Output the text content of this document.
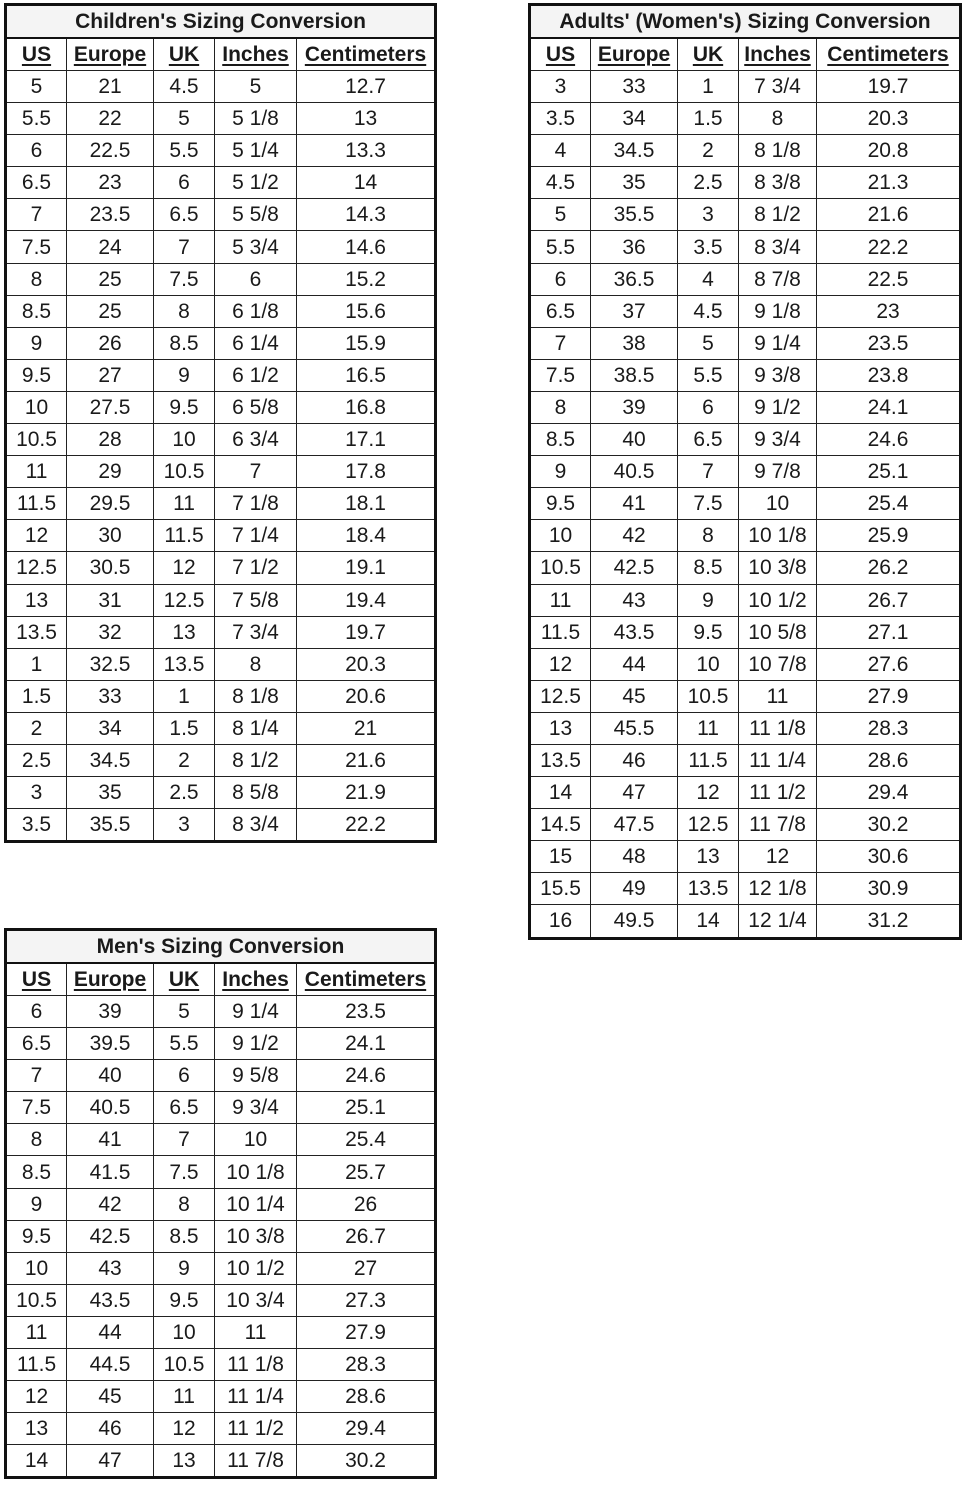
Children's Sizing Conversion				
US	Europe	UK	Inches	Centimeters
5	21	4.5	5	12.7
5.5	22	5	5 1/8	13
6	22.5	5.5	5 1/4	13.3
6.5	23	6	5 1/2	14
7	23.5	6.5	5 5/8	14.3
7.5	24	7	5 3/4	14.6
8	25	7.5	6	15.2
8.5	25	8	6 1/8	15.6
9	26	8.5	6 1/4	15.9
9.5	27	9	6 1/2	16.5
10	27.5	9.5	6 5/8	16.8
10.5	28	10	6 3/4	17.1
11	29	10.5	7	17.8
11.5	29.5	11	7 1/8	18.1
12	30	11.5	7 1/4	18.4
12.5	30.5	12	7 1/2	19.1
13	31	12.5	7 5/8	19.4
13.5	32	13	7 3/4	19.7
1	32.5	13.5	8	20.3
1.5	33	1	8 1/8	20.6
2	34	1.5	8 1/4	21
2.5	34.5	2	8 1/2	21.6
3	35	2.5	8 5/8	21.9
3.5	35.5	3	8 3/4	22.2
Adults' (Women's) Sizing Conversion				
US	Europe	UK	Inches	Centimeters
3	33	1	7 3/4	19.7
3.5	34	1.5	8	20.3
4	34.5	2	8 1/8	20.8
4.5	35	2.5	8 3/8	21.3
5	35.5	3	8 1/2	21.6
5.5	36	3.5	8 3/4	22.2
6	36.5	4	8 7/8	22.5
6.5	37	4.5	9 1/8	23
7	38	5	9 1/4	23.5
7.5	38.5	5.5	9 3/8	23.8
8	39	6	9 1/2	24.1
8.5	40	6.5	9 3/4	24.6
9	40.5	7	9 7/8	25.1
9.5	41	7.5	10	25.4
10	42	8	10 1/8	25.9
10.5	42.5	8.5	10 3/8	26.2
11	43	9	10 1/2	26.7
11.5	43.5	9.5	10 5/8	27.1
12	44	10	10 7/8	27.6
12.5	45	10.5	11	27.9
13	45.5	11	11 1/8	28.3
13.5	46	11.5	11 1/4	28.6
14	47	12	11 1/2	29.4
14.5	47.5	12.5	11 7/8	30.2
15	48	13	12	30.6
15.5	49	13.5	12 1/8	30.9
16	49.5	14	12 1/4	31.2
Men's Sizing Conversion				
US	Europe	UK	Inches	Centimeters
6	39	5	9 1/4	23.5
6.5	39.5	5.5	9 1/2	24.1
7	40	6	9 5/8	24.6
7.5	40.5	6.5	9 3/4	25.1
8	41	7	10	25.4
8.5	41.5	7.5	10 1/8	25.7
9	42	8	10 1/4	26
9.5	42.5	8.5	10 3/8	26.7
10	43	9	10 1/2	27
10.5	43.5	9.5	10 3/4	27.3
11	44	10	11	27.9
11.5	44.5	10.5	11 1/8	28.3
12	45	11	11 1/4	28.6
13	46	12	11 1/2	29.4
14	47	13	11 7/8	30.2
